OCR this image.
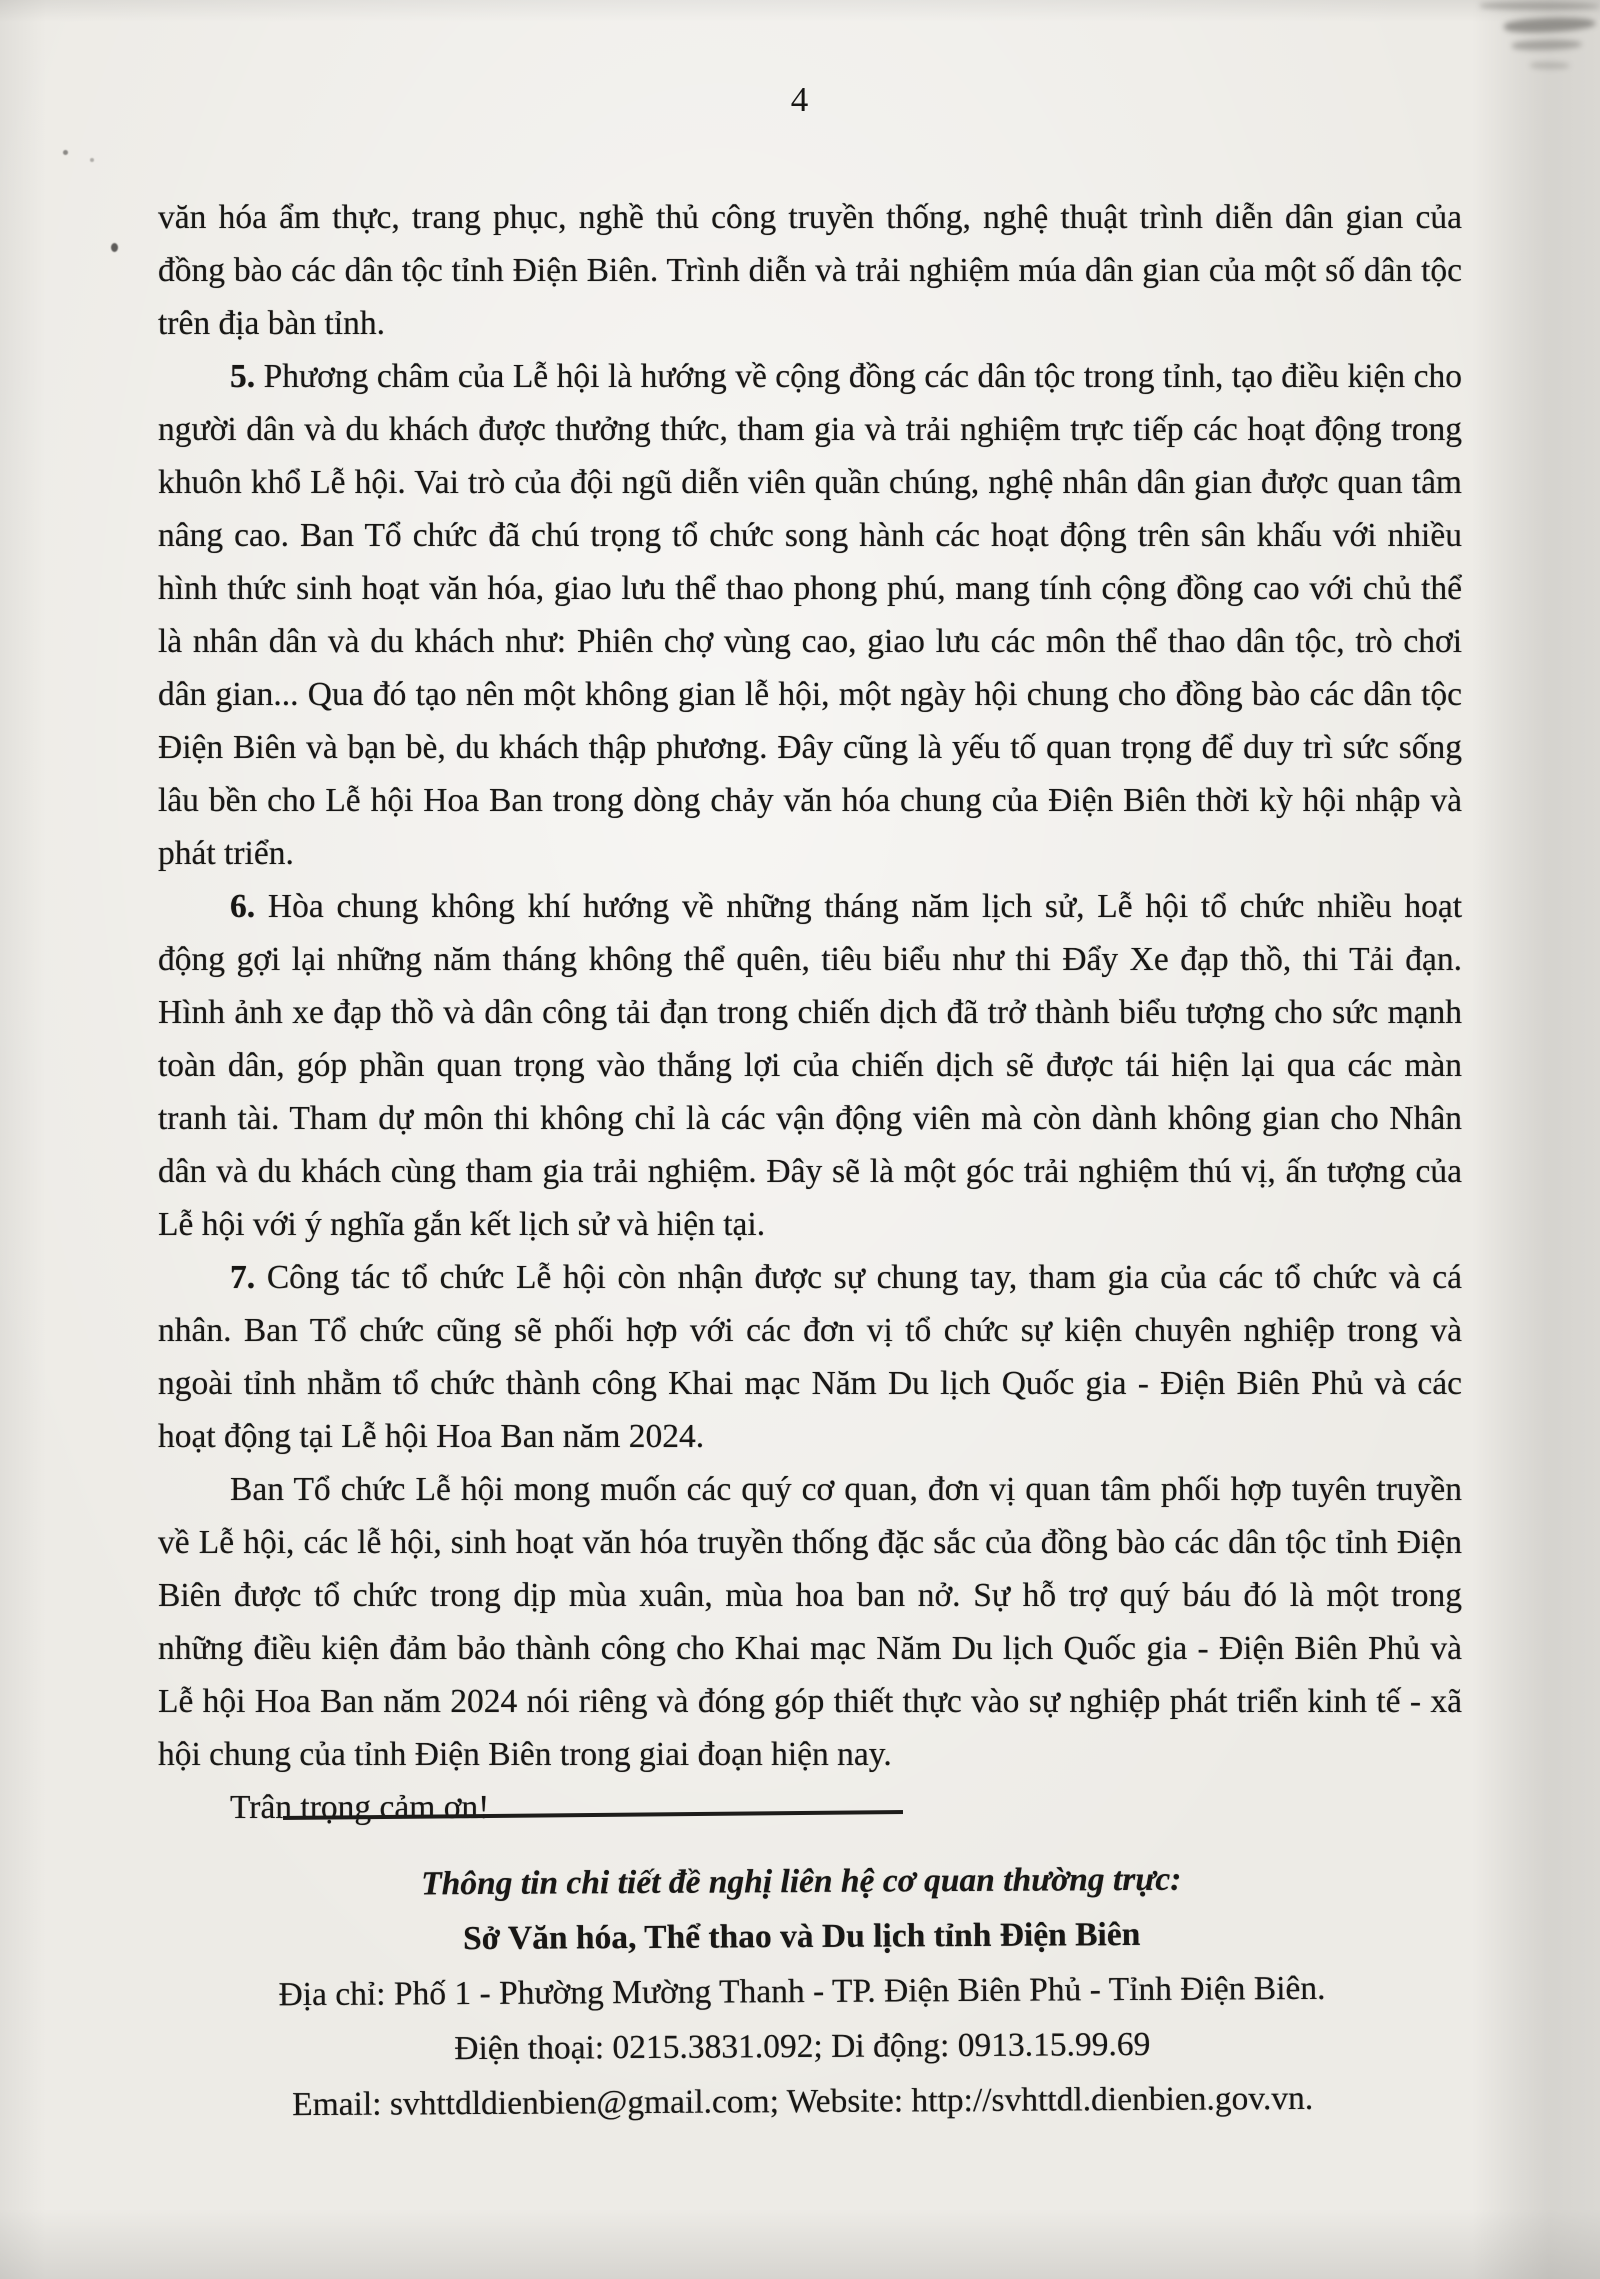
4

văn hóa ẩm thực, trang phục, nghề thủ công truyền thống, nghệ thuật trình diễn dân gian của đồng bào các dân tộc tỉnh Điện Biên. Trình diễn và trải nghiệm múa dân gian của một số dân tộc trên địa bàn tỉnh.

5. Phương châm của Lễ hội là hướng về cộng đồng các dân tộc trong tỉnh, tạo điều kiện cho người dân và du khách được thưởng thức, tham gia và trải nghiệm trực tiếp các hoạt động trong khuôn khổ Lễ hội. Vai trò của đội ngũ diễn viên quần chúng, nghệ nhân dân gian được quan tâm nâng cao. Ban Tổ chức đã chú trọng tổ chức song hành các hoạt động trên sân khấu với nhiều hình thức sinh hoạt văn hóa, giao lưu thể thao phong phú, mang tính cộng đồng cao với chủ thể là nhân dân và du khách như: Phiên chợ vùng cao, giao lưu các môn thể thao dân tộc, trò chơi dân gian... Qua đó tạo nên một không gian lễ hội, một ngày hội chung cho đồng bào các dân tộc Điện Biên và bạn bè, du khách thập phương. Đây cũng là yếu tố quan trọng để duy trì sức sống lâu bền cho Lễ hội Hoa Ban trong dòng chảy văn hóa chung của Điện Biên thời kỳ hội nhập và phát triển.

6. Hòa chung không khí hướng về những tháng năm lịch sử, Lễ hội tổ chức nhiều hoạt động gợi lại những năm tháng không thể quên, tiêu biểu như thi Đẩy Xe đạp thồ, thi Tải đạn. Hình ảnh xe đạp thồ và dân công tải đạn trong chiến dịch đã trở thành biểu tượng cho sức mạnh toàn dân, góp phần quan trọng vào thắng lợi của chiến dịch sẽ được tái hiện lại qua các màn tranh tài. Tham dự môn thi không chỉ là các vận động viên mà còn dành không gian cho Nhân dân và du khách cùng tham gia trải nghiệm. Đây sẽ là một góc trải nghiệm thú vị, ấn tượng của Lễ hội với ý nghĩa gắn kết lịch sử và hiện tại.

7. Công tác tổ chức Lễ hội còn nhận được sự chung tay, tham gia của các tổ chức và cá nhân. Ban Tổ chức cũng sẽ phối hợp với các đơn vị tổ chức sự kiện chuyên nghiệp trong và ngoài tỉnh nhằm tổ chức thành công Khai mạc Năm Du lịch Quốc gia - Điện Biên Phủ và các hoạt động tại Lễ hội Hoa Ban năm 2024.

Ban Tổ chức Lễ hội mong muốn các quý cơ quan, đơn vị quan tâm phối hợp tuyên truyền về Lễ hội, các lễ hội, sinh hoạt văn hóa truyền thống đặc sắc của đồng bào các dân tộc tỉnh Điện Biên được tổ chức trong dịp mùa xuân, mùa hoa ban nở. Sự hỗ trợ quý báu đó là một trong những điều kiện đảm bảo thành công cho Khai mạc Năm Du lịch Quốc gia - Điện Biên Phủ và Lễ hội Hoa Ban năm 2024 nói riêng và đóng góp thiết thực vào sự nghiệp phát triển kinh tế - xã hội chung của tỉnh Điện Biên trong giai đoạn hiện nay.

Trân trọng cảm ơn!

Thông tin chi tiết đề nghị liên hệ cơ quan thường trực:
Sở Văn hóa, Thể thao và Du lịch tỉnh Điện Biên
Địa chỉ: Phố 1 - Phường Mường Thanh - TP. Điện Biên Phủ - Tỉnh Điện Biên.
Điện thoại: 0215.3831.092; Di động: 0913.15.99.69
Email: svhttdldienbien@gmail.com; Website: http://svhttdl.dienbien.gov.vn.
